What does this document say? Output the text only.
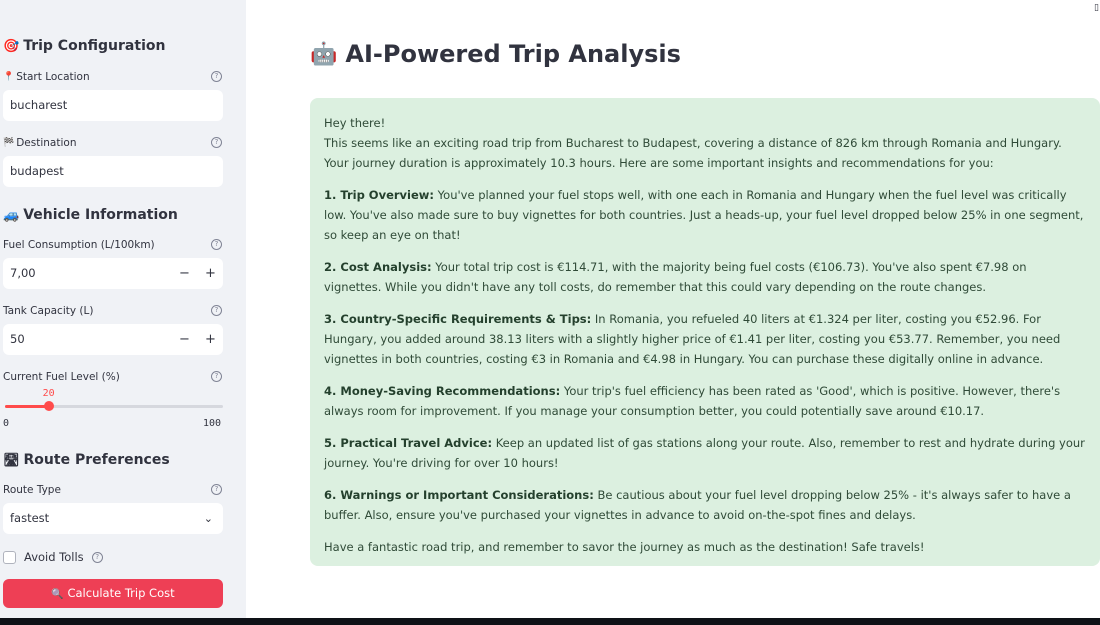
🎯 Trip Configuration
📍 Start Location	?
bucharest
🏁 Destination	?
budapest
🚙 Vehicle Information
Fuel Consumption (L/100km)	?
7,00	− +
Tank Capacity (L)	?
50	− +
Current Fuel Level (%)	?
20
0	100
🛣 Route Preferences
Route Type	?
fastest	⌄
Avoid Tolls	?
🔍 Calculate Trip Cost
🤖 AI-Powered Trip Analysis

Hey there!

This seems like an exciting road trip from Bucharest to Budapest, covering a distance of 826 km through Romania and Hungary. Your journey duration is approximately 10.3 hours. Here are some important insights and recommendations for you:

1. Trip Overview: You've planned your fuel stops well, with one each in Romania and Hungary when the fuel level was critically low. You've also made sure to buy vignettes for both countries. Just a heads-up, your fuel level dropped below 25% in one segment, so keep an eye on that!

2. Cost Analysis: Your total trip cost is €114.71, with the majority being fuel costs (€106.73). You've also spent €7.98 on vignettes. While you didn't have any toll costs, do remember that this could vary depending on the route changes.

3. Country-Specific Requirements & Tips: In Romania, you refueled 40 liters at €1.324 per liter, costing you €52.96. For Hungary, you added around 38.13 liters with a slightly higher price of €1.41 per liter, costing you €53.77. Remember, you need vignettes in both countries, costing €3 in Romania and €4.98 in Hungary. You can purchase these digitally online in advance.

4. Money-Saving Recommendations: Your trip's fuel efficiency has been rated as 'Good', which is positive. However, there's always room for improvement. If you manage your consumption better, you could potentially save around €10.17.

5. Practical Travel Advice: Keep an updated list of gas stations along your route. Also, remember to rest and hydrate during your journey. You're driving for over 10 hours!

6. Warnings or Important Considerations: Be cautious about your fuel level dropping below 25% - it's always safer to have a buffer. Also, ensure you've purchased your vignettes in advance to avoid on-the-spot fines and delays.

Have a fantastic road trip, and remember to savor the journey as much as the destination! Safe travels!

▯
